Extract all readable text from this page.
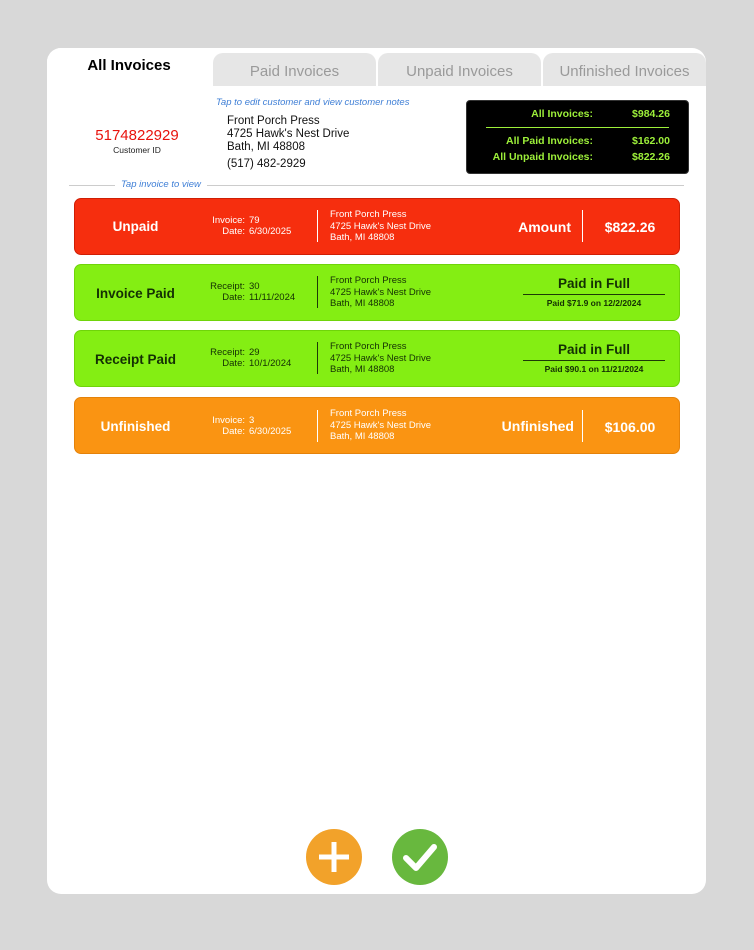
All Invoices	Paid Invoices	Unpaid Invoices	Unfinished Invoices
Tap to edit customer and view customer notes
5174822929
Customer ID
Front Porch Press
4725 Hawk's Nest Drive
Bath, MI 48808
(517) 482-2929
All Invoices:	$984.26
All Paid Invoices:	$162.00
All Unpaid Invoices:	$822.26
Tap invoice to view
Unpaid	Invoice: 79
Date: 6/30/2025
Front Porch Press
4725 Hawk's Nest Drive
Bath, MI 48808
Amount	$822.26
Invoice Paid	Receipt: 30
Date: 11/11/2024
Front Porch Press
4725 Hawk's Nest Drive
Bath, MI 48808
Paid in Full
Paid $71.9 on 12/2/2024
Receipt Paid	Receipt: 29
Date: 10/1/2024
Front Porch Press
4725 Hawk's Nest Drive
Bath, MI 48808
Paid in Full
Paid $90.1 on 11/21/2024
Unfinished	Invoice: 3
Date: 6/30/2025
Front Porch Press
4725 Hawk's Nest Drive
Bath, MI 48808
Unfinished	$106.00
